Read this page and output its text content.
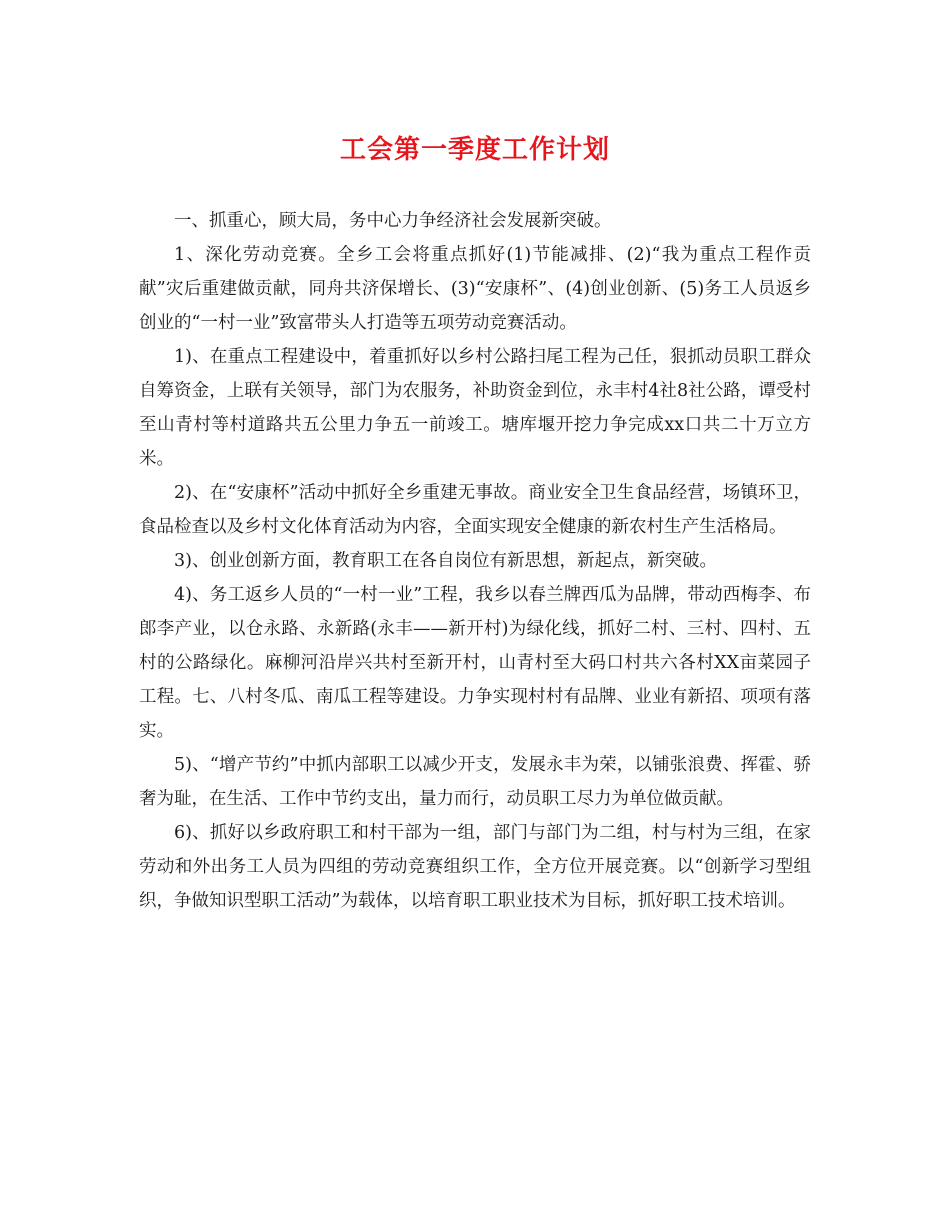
工会第一季度工作计划

一、抓重心，顾大局，务中心力争经济社会发展新突破。

1、深化劳动竞赛。全乡工会将重点抓好(1)节能减排、(2)“我为重点工程作贡献”灾后重建做贡献，同舟共济保增长、(3)“安康杯”、(4)创业创新、(5)务工人员返乡创业的“一村一业”致富带头人打造等五项劳动竞赛活动。

1)、在重点工程建设中，着重抓好以乡村公路扫尾工程为己任，狠抓动员职工群众自筹资金，上联有关领导，部门为农服务，补助资金到位，永丰村4社8社公路，谭受村至山青村等村道路共五公里力争五一前竣工。塘库堰开挖力争完成xx口共二十万立方米。

2)、在“安康杯”活动中抓好全乡重建无事故。商业安全卫生食品经营，场镇环卫，食品检查以及乡村文化体育活动为内容，全面实现安全健康的新农村生产生活格局。

3)、创业创新方面，教育职工在各自岗位有新思想，新起点，新突破。

4)、务工返乡人员的“一村一业”工程，我乡以春兰牌西瓜为品牌，带动西梅李、布郎李产业，以仓永路、永新路(永丰——新开村)为绿化线，抓好二村、三村、四村、五村的公路绿化。麻柳河沿岸兴共村至新开村，山青村至大码口村共六各村XX亩菜园子工程。七、八村冬瓜、南瓜工程等建设。力争实现村村有品牌、业业有新招、项项有落实。

5)、“增产节约”中抓内部职工以减少开支，发展永丰为荣，以铺张浪费、挥霍、骄奢为耻，在生活、工作中节约支出，量力而行，动员职工尽力为单位做贡献。

6)、抓好以乡政府职工和村干部为一组，部门与部门为二组，村与村为三组，在家劳动和外出务工人员为四组的劳动竞赛组织工作，全方位开展竞赛。以“创新学习型组织，争做知识型职工活动”为载体，以培育职工职业技术为目标，抓好职工技术培训。
